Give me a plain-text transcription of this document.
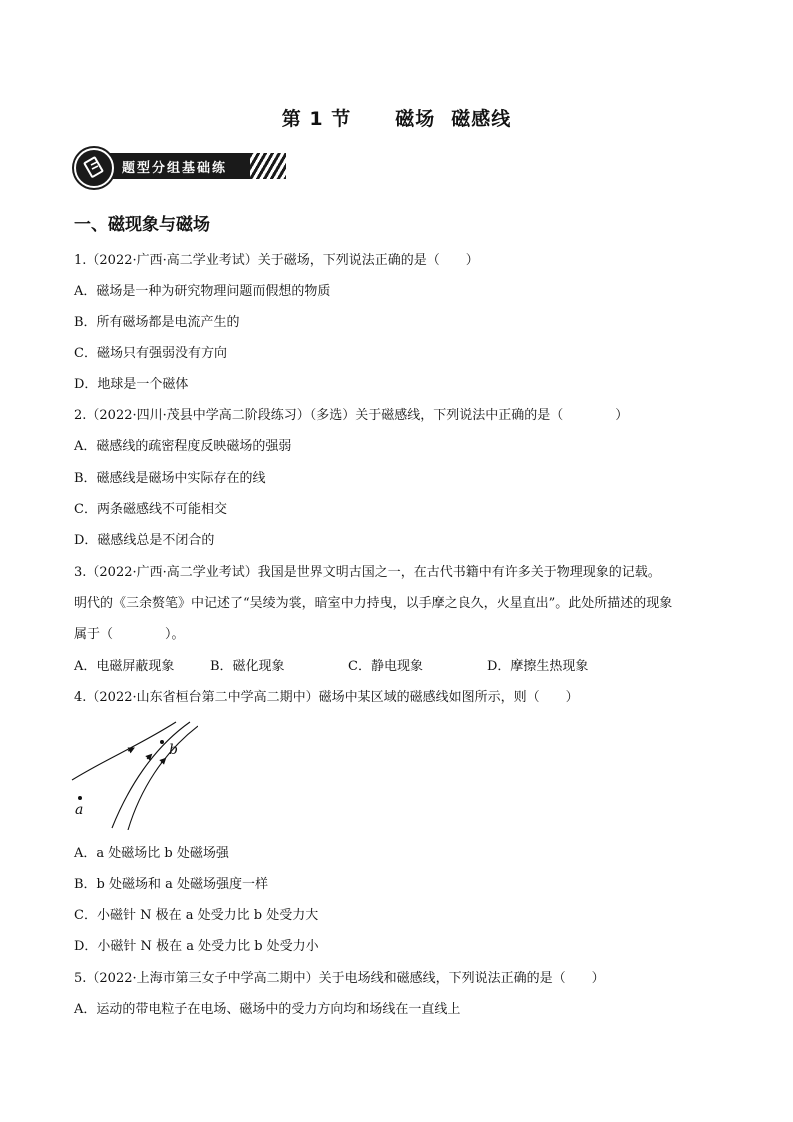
第 1 节 磁场 磁感线
题型分组基础练
一、磁现象与磁场
1.（2022·广西·高二学业考试）关于磁场，下列说法正确的是（　　）
A．磁场是一种为研究物理问题而假想的物质
B．所有磁场都是电流产生的
C．磁场只有强弱没有方向
D．地球是一个磁体
2.（2022·四川·茂县中学高二阶段练习）（多选）关于磁感线，下列说法中正确的是（　　　　）
A．磁感线的疏密程度反映磁场的强弱
B．磁感线是磁场中实际存在的线
C．两条磁感线不可能相交
D．磁感线总是不闭合的
3.（2022·广西·高二学业考试）我国是世界文明古国之一，在古代书籍中有许多关于物理现象的记载。
明代的《三余赘笔》中记述了“吴绫为裳，暗室中力持曳，以手摩之良久，火星直出”。此处所描述的现象
属于（　　　　）。
A．电磁屏蔽现象	B．磁化现象	C．静电现象	D．摩擦生热现象
4.（2022·山东省桓台第二中学高二期中）磁场中某区域的磁感线如图所示，则（　　）
a
b
A．a 处磁场比 b 处磁场强
B．b 处磁场和 a 处磁场强度一样
C．小磁针 N 极在 a 处受力比 b 处受力大
D．小磁针 N 极在 a 处受力比 b 处受力小
5.（2022·上海市第三女子中学高二期中）关于电场线和磁感线，下列说法正确的是（　　）
A．运动的带电粒子在电场、磁场中的受力方向均和场线在一直线上
